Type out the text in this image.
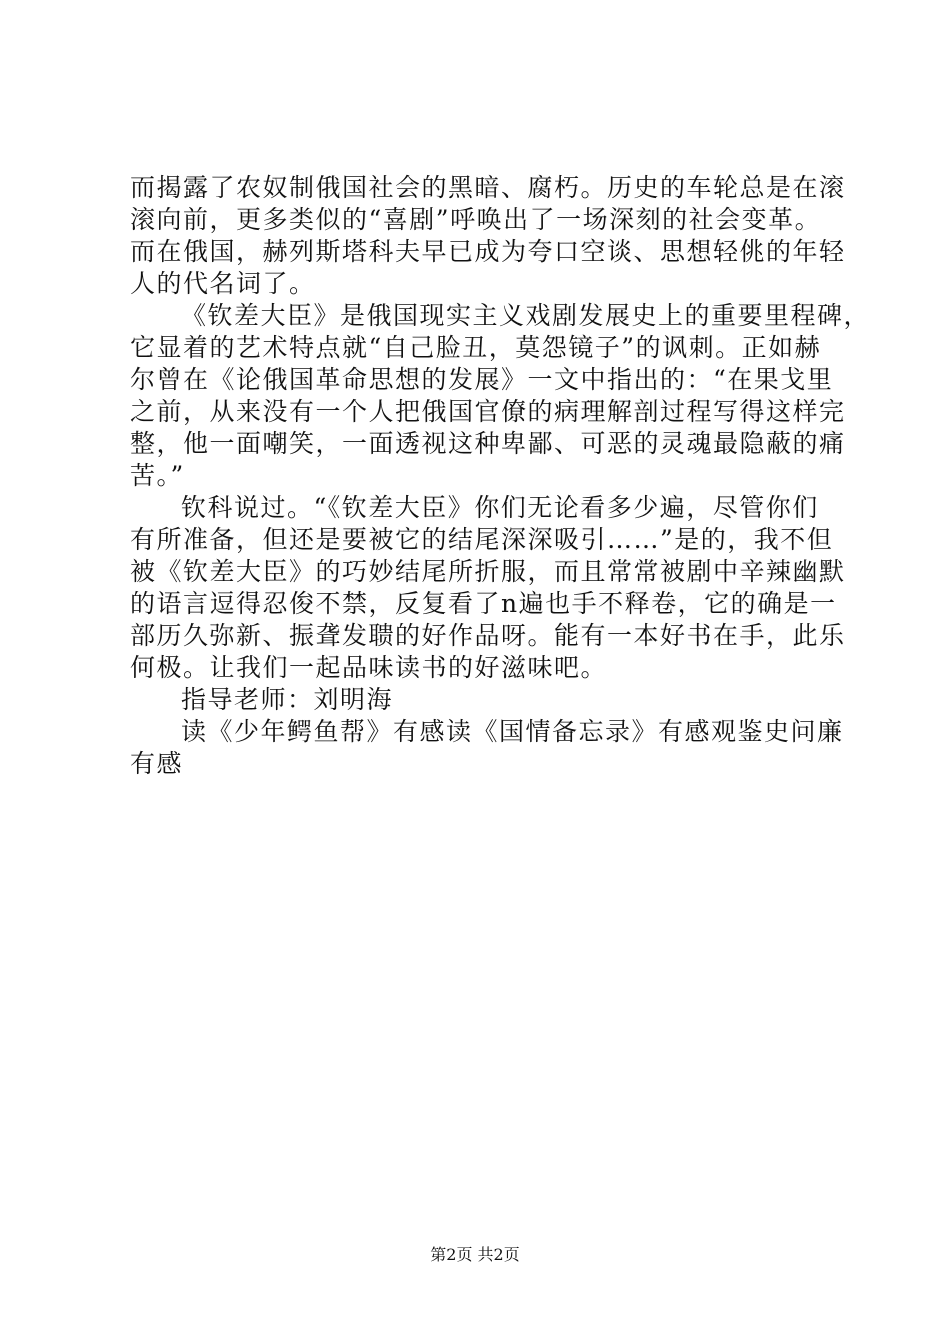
而揭露了农奴制俄国社会的黑暗、腐朽。历史的车轮总是在滚
滚向前，更多类似的“喜剧”呼唤出了一场深刻的社会变革。
而在俄国，赫列斯塔科夫早已成为夸口空谈、思想轻佻的年轻
人的代名词了。
《钦差大臣》是俄国现实主义戏剧发展史上的重要里程碑，
它显着的艺术特点就“自己脸丑，莫怨镜子”的讽刺。正如赫
尔曾在《论俄国革命思想的发展》一文中指出的：“在果戈里
之前，从来没有一个人把俄国官僚的病理解剖过程写得这样完
整，他一面嘲笑，一面透视这种卑鄙、可恶的灵魂最隐蔽的痛
苦。”
钦科说过。“《钦差大臣》你们无论看多少遍，尽管你们
有所准备，但还是要被它的结尾深深吸引……”是的，我不但
被《钦差大臣》的巧妙结尾所折服，而且常常被剧中辛辣幽默
的语言逗得忍俊不禁，反复看了n遍也手不释卷，它的确是一
部历久弥新、振聋发聩的好作品呀。能有一本好书在手，此乐
何极。让我们一起品味读书的好滋味吧。
指导老师：刘明海
读《少年鳄鱼帮》有感读《国情备忘录》有感观鉴史问廉
有感
第2页 共2页
